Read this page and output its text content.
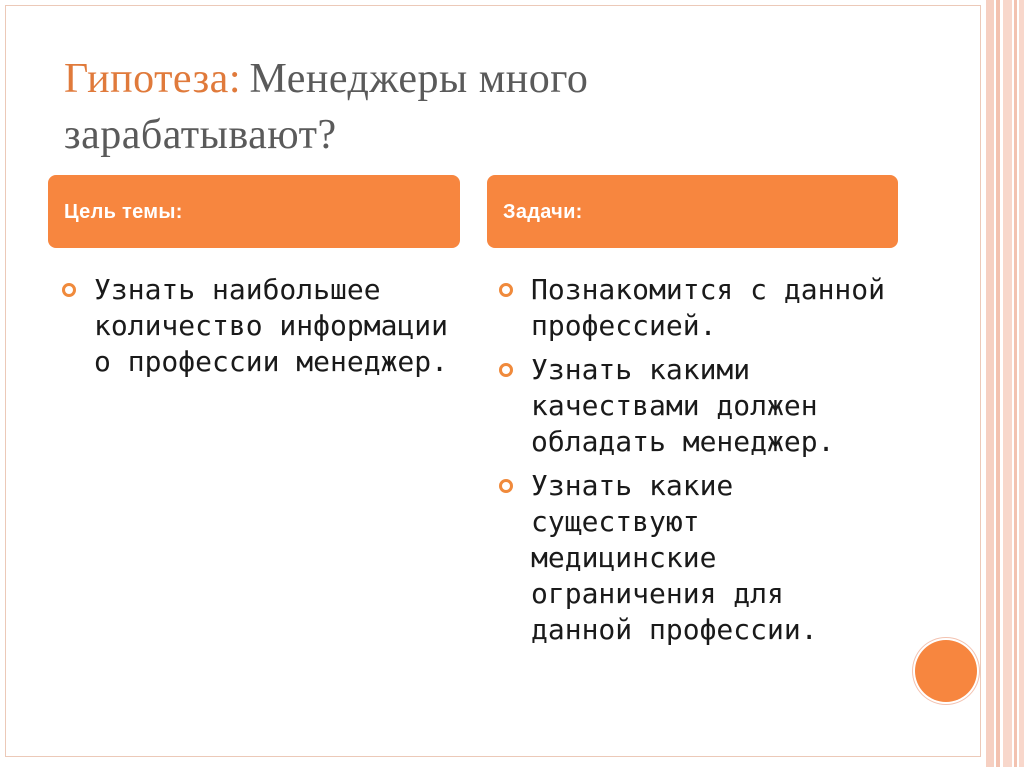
Гипотеза: Менеджеры много зарабатывают?
Цель темы:	Задачи:
Узнать наибольшее количество информации о профессии менеджер.
Познакомится с данной профессией.
Узнать какими качествами должен обладать менеджер.
Узнать какие существуют медицинские ограничения для данной профессии.
